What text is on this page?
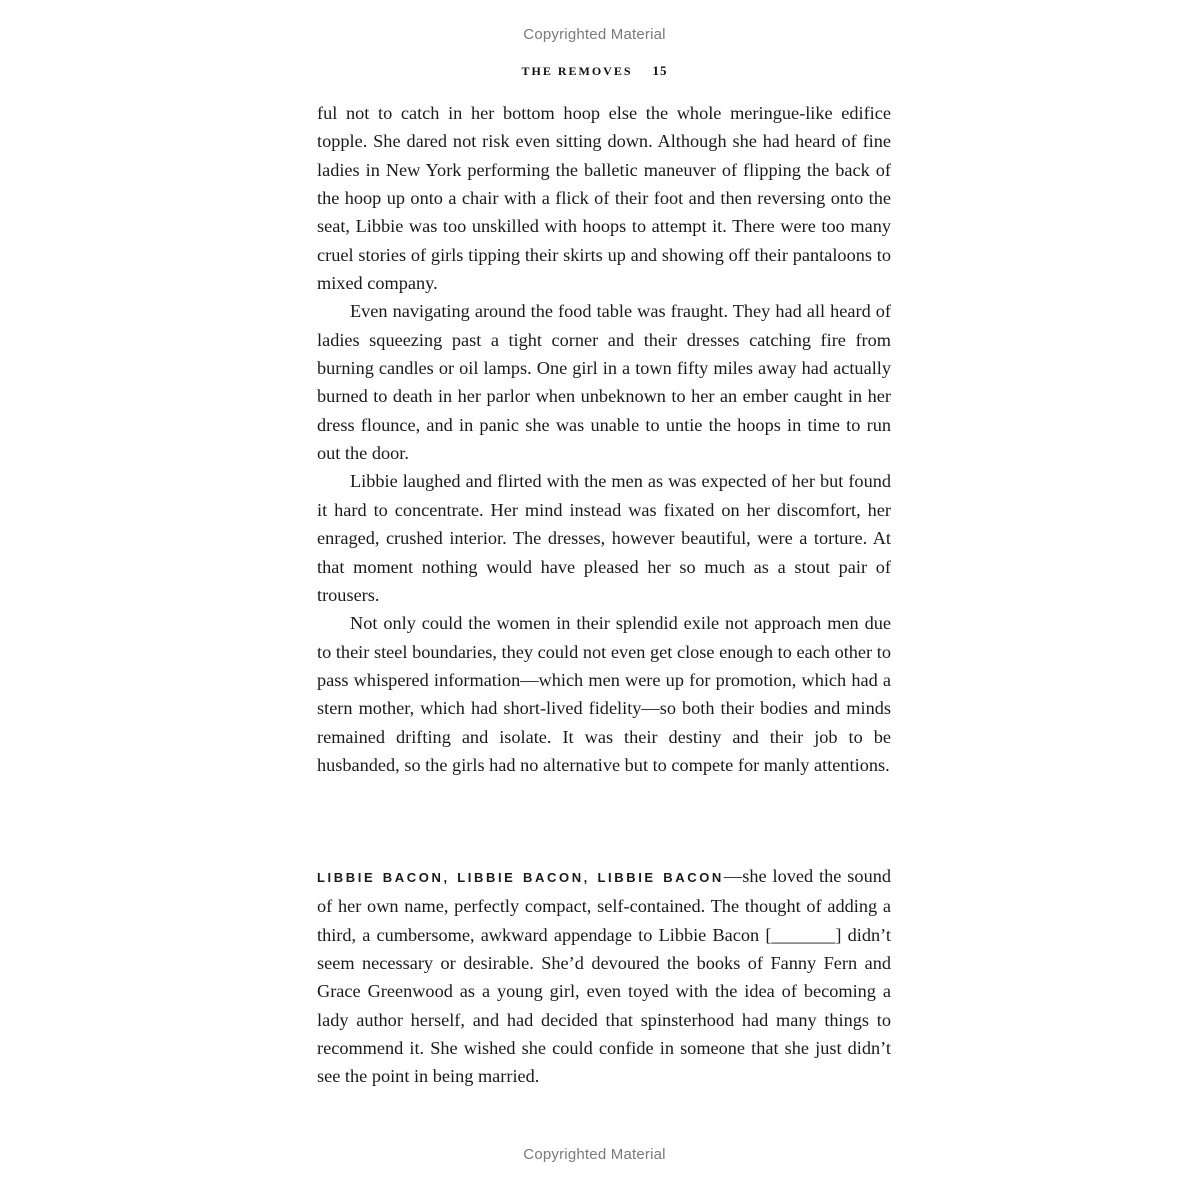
Copyrighted Material
THE REMOVES 15

ful not to catch in her bottom hoop else the whole meringue-like edifice topple. She dared not risk even sitting down. Although she had heard of fine ladies in New York performing the balletic maneuver of flipping the back of the hoop up onto a chair with a flick of their foot and then reversing onto the seat, Libbie was too unskilled with hoops to attempt it. There were too many cruel stories of girls tipping their skirts up and showing off their pantaloons to mixed company.

Even navigating around the food table was fraught. They had all heard of ladies squeezing past a tight corner and their dresses catching fire from burning candles or oil lamps. One girl in a town fifty miles away had actually burned to death in her parlor when unbeknown to her an ember caught in her dress flounce, and in panic she was unable to untie the hoops in time to run out the door.

Libbie laughed and flirted with the men as was expected of her but found it hard to concentrate. Her mind instead was fixated on her discomfort, her enraged, crushed interior. The dresses, however beautiful, were a torture. At that moment nothing would have pleased her so much as a stout pair of trousers.

Not only could the women in their splendid exile not approach men due to their steel boundaries, they could not even get close enough to each other to pass whispered information—which men were up for promotion, which had a stern mother, which had short-lived fidelity—so both their bodies and minds remained drifting and isolate. It was their destiny and their job to be husbanded, so the girls had no alternative but to compete for manly attentions.

LIBBIE BACON, LIBBIE BACON, LIBBIE BACON—she loved the sound of her own name, perfectly compact, self-contained. The thought of adding a third, a cumbersome, awkward appendage to Libbie Bacon [_______] didn’t seem necessary or desirable. She’d devoured the books of Fanny Fern and Grace Greenwood as a young girl, even toyed with the idea of becoming a lady author herself, and had decided that spinsterhood had many things to recommend it. She wished she could confide in someone that she just didn’t see the point in being married.

Copyrighted Material
